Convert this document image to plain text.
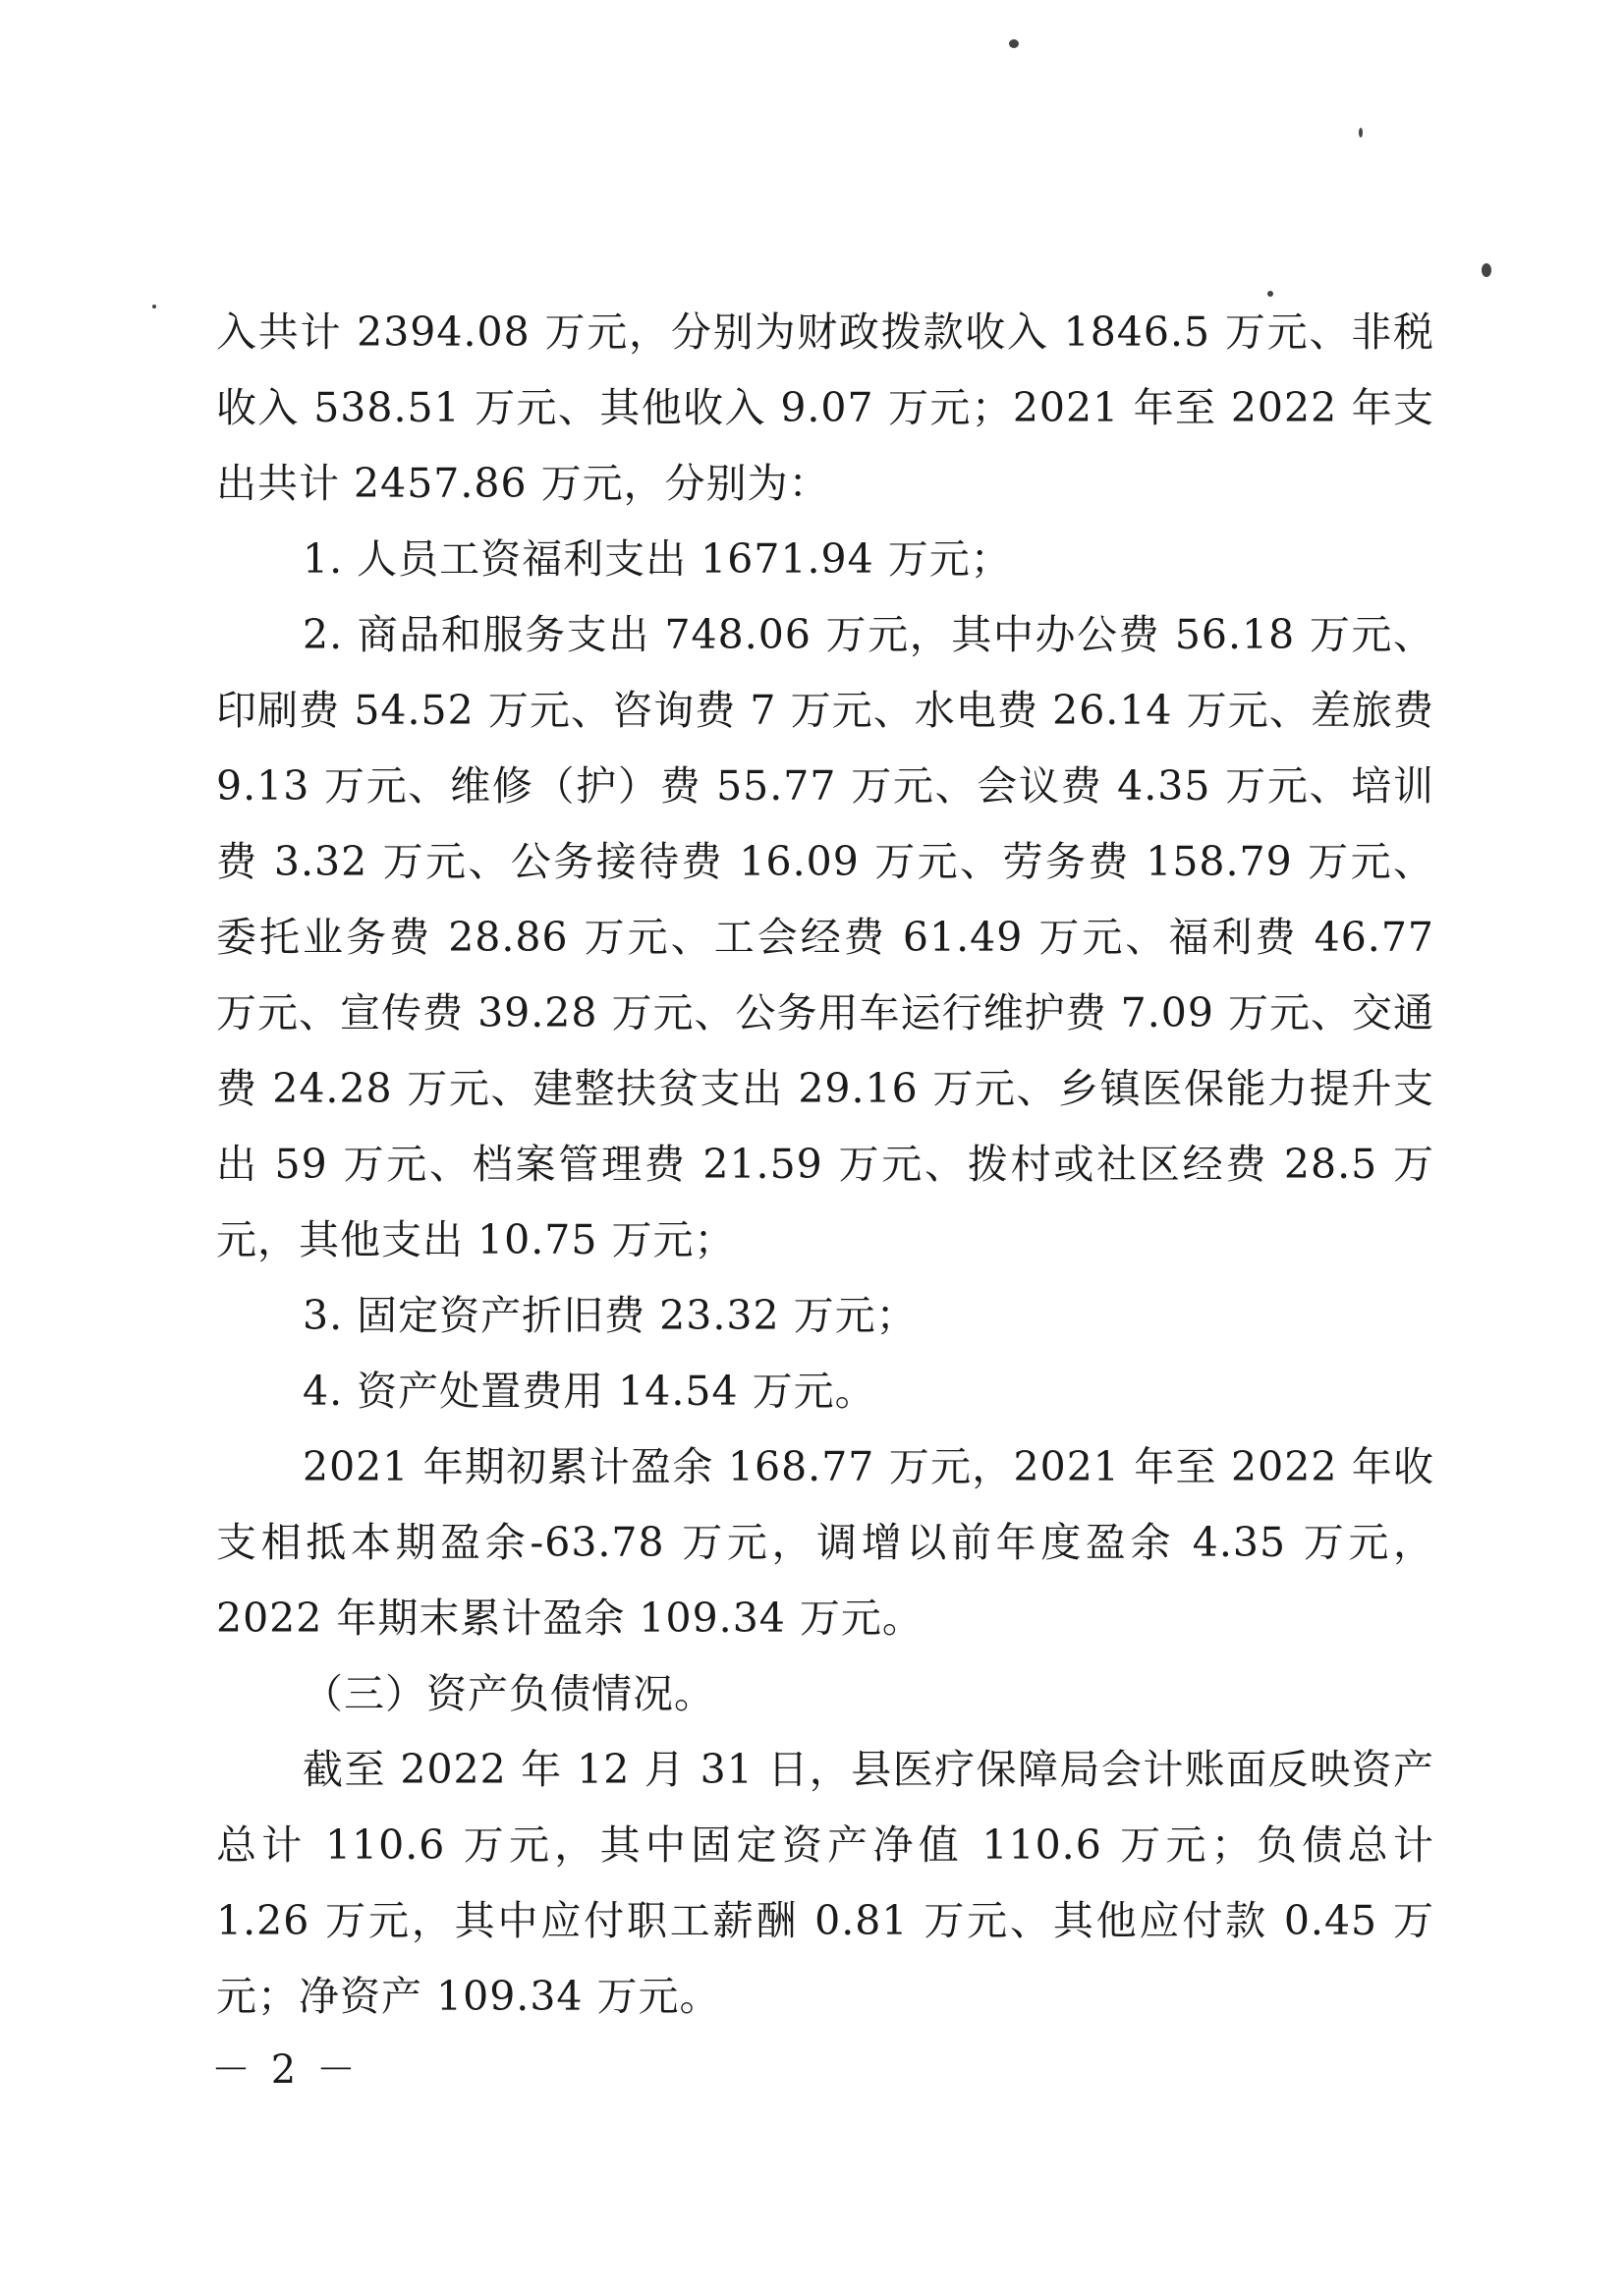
入共计 2394.08 万元，分别为财政拨款收入 1846.5 万元、非税收入 538.51 万元、其他收入 9.07 万元；2021 年至 2022 年支出共计 2457.86 万元，分别为：

1. 人员工资福利支出 1671.94 万元；

2. 商品和服务支出 748.06 万元，其中办公费 56.18 万元、印刷费 54.52 万元、咨询费 7 万元、水电费 26.14 万元、差旅费 9.13 万元、维修（护）费 55.77 万元、会议费 4.35 万元、培训费 3.32 万元、公务接待费 16.09 万元、劳务费 158.79 万元、委托业务费 28.86 万元、工会经费 61.49 万元、福利费 46.77 万元、宣传费 39.28 万元、公务用车运行维护费 7.09 万元、交通费 24.28 万元、建整扶贫支出 29.16 万元、乡镇医保能力提升支出 59 万元、档案管理费 21.59 万元、拨村或社区经费 28.5 万元，其他支出 10.75 万元；

3. 固定资产折旧费 23.32 万元；

4. 资产处置费用 14.54 万元。

2021 年期初累计盈余 168.77 万元，2021 年至 2022 年收支相抵本期盈余-63.78 万元，调增以前年度盈余 4.35 万元，2022 年期末累计盈余 109.34 万元。

（三）资产负债情况。

截至 2022 年 12 月 31 日，县医疗保障局会计账面反映资产总计 110.6 万元，其中固定资产净值 110.6 万元；负债总计 1.26 万元，其中应付职工薪酬 0.81 万元、其他应付款 0.45 万元；净资产 109.34 万元。

－ 2 －
